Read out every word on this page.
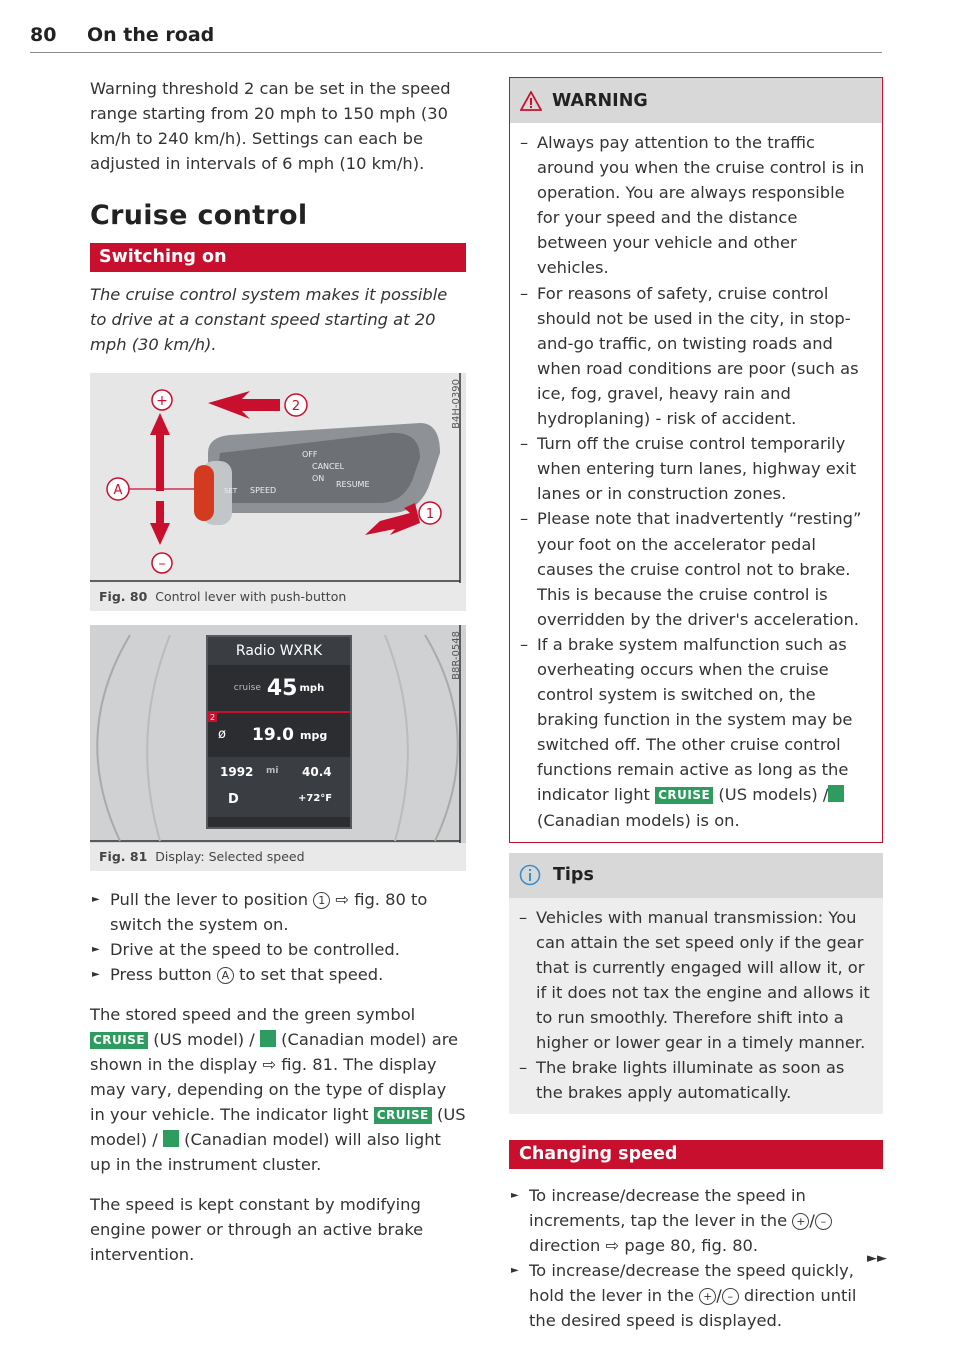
80 On the road

Warning threshold 2 can be set in the speed range starting from 20 mph to 150 mph (30 km/h to 240 km/h). Settings can each be adjusted in intervals of 6 mph (10 km/h).

Cruise control
Switching on

The cruise control system makes it possible to drive at a constant speed starting at 20 mph (30 km/h).

OFF
CANCEL
ON
RESUME
SPEED
SET
+
–
2
1
A
B4H-0390
Fig. 80 Control lever with push-button
Radio WXRK
cruise 45 mph
2
ø 19.0 mpg
1992 mi 40.4
D	+72°F
B8R-0548
Fig. 81 Display: Selected speed
► Pull the lever to position 1 ⇨ fig. 80 to switch the system on.
► Drive at the speed to be controlled.
► Press button A to set that speed.

The stored speed and the green symbol CRUISE (US model) / (Canadian model) are shown in the display ⇨ fig. 81. The display may vary, depending on the type of display in your vehicle. The indicator light CRUISE (US model) / (Canadian model) will also light up in the instrument cluster.

The speed is kept constant by modifying engine power or through an active brake intervention.

WARNING
– Always pay attention to the traffic around you when the cruise control is in operation. You are always responsible for your speed and the distance between your vehicle and other vehicles.
– For reasons of safety, cruise control should not be used in the city, in stop-and-go traffic, on twisting roads and when road conditions are poor (such as ice, fog, gravel, heavy rain and hydroplaning) - risk of accident.
– Turn off the cruise control temporarily when entering turn lanes, highway exit lanes or in construction zones.
– Please note that inadvertently “resting” your foot on the accelerator pedal causes the cruise control not to brake. This is because the cruise control is overridden by the driver's acceleration.
– If a brake system malfunction such as overheating occurs when the cruise control system is switched on, the braking function in the system may be switched off. The other cruise control functions remain active as long as the indicator light CRUISE (US models) / (Canadian models) is on.
Tips
– Vehicles with manual transmission: You can attain the set speed only if the gear that is currently engaged will allow it, or if it does not tax the engine and allows it to run smoothly. Therefore shift into a higher or lower gear in a timely manner.
– The brake lights illuminate as soon as the brakes apply automatically.
Changing speed
► To increase/decrease the speed in increments, tap the lever in the + / – direction ⇨ page 80, fig. 80.
► To increase/decrease the speed quickly, hold the lever in the + / – direction until the desired speed is displayed.
►►
